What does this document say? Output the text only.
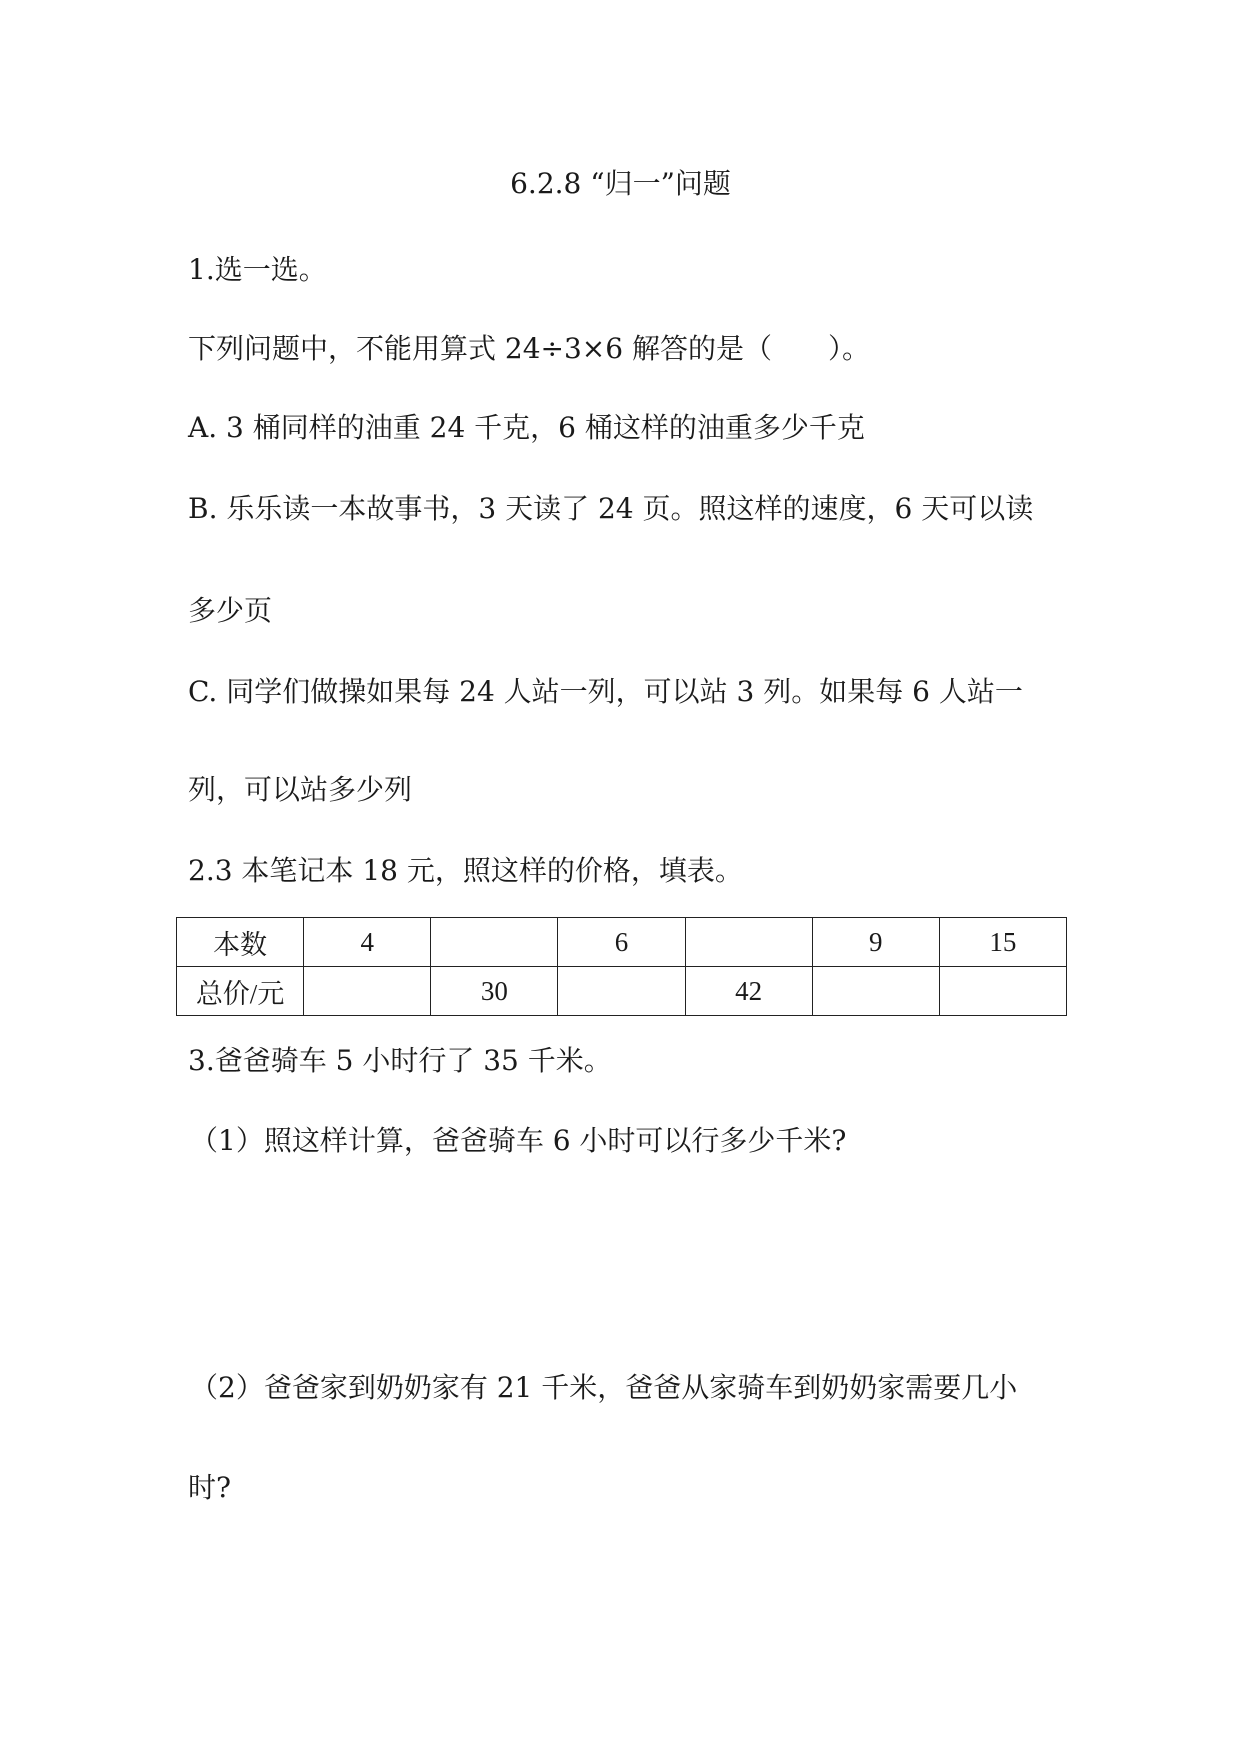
6.2.8 “归一”问题
1.选一选。
下列问题中，不能用算式 24÷3×6 解答的是（　　）。
A. 3 桶同样的油重 24 千克，6 桶这样的油重多少千克
B. 乐乐读一本故事书，3 天读了 24 页。照这样的速度，6 天可以读
多少页
C. 同学们做操如果每 24 人站一列，可以站 3 列。如果每 6 人站一
列，可以站多少列
2.3 本笔记本 18 元，照这样的价格，填表。
本数	4		6		9	15
总价/元		30		42		
3.爸爸骑车 5 小时行了 35 千米。
（1）照这样计算，爸爸骑车 6 小时可以行多少千米?
（2）爸爸家到奶奶家有 21 千米，爸爸从家骑车到奶奶家需要几小
时?
